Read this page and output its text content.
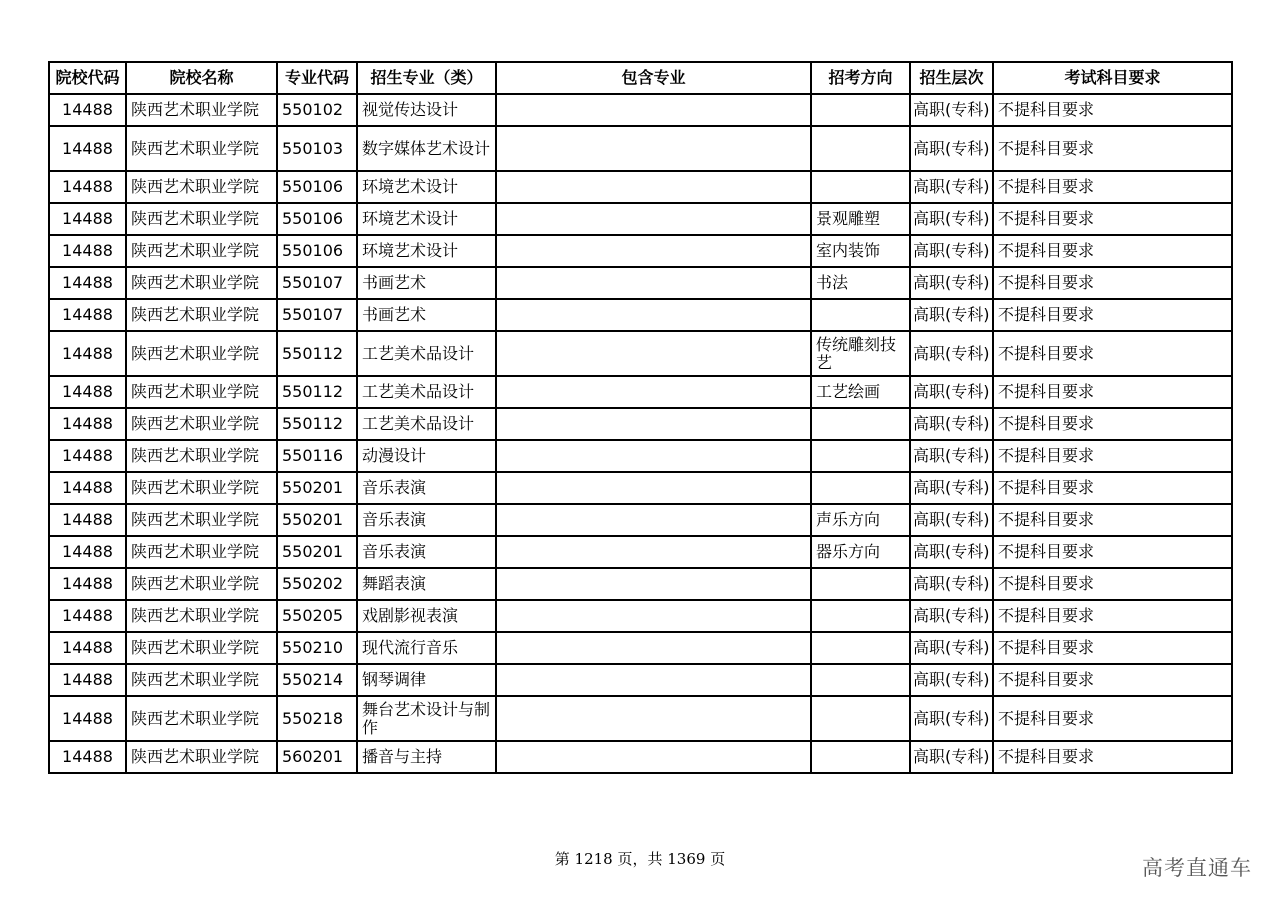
院校代码	院校名称	专业代码	招生专业（类）	包含专业	招考方向	招生层次	考试科目要求
14488	陕西艺术职业学院	550102	视觉传达设计			高职(专科)	不提科目要求
14488	陕西艺术职业学院	550103	数字媒体艺术设计			高职(专科)	不提科目要求
14488	陕西艺术职业学院	550106	环境艺术设计			高职(专科)	不提科目要求
14488	陕西艺术职业学院	550106	环境艺术设计		景观雕塑	高职(专科)	不提科目要求
14488	陕西艺术职业学院	550106	环境艺术设计		室内装饰	高职(专科)	不提科目要求
14488	陕西艺术职业学院	550107	书画艺术		书法	高职(专科)	不提科目要求
14488	陕西艺术职业学院	550107	书画艺术			高职(专科)	不提科目要求
14488	陕西艺术职业学院	550112	工艺美术品设计		传统雕刻技艺	高职(专科)	不提科目要求
14488	陕西艺术职业学院	550112	工艺美术品设计		工艺绘画	高职(专科)	不提科目要求
14488	陕西艺术职业学院	550112	工艺美术品设计			高职(专科)	不提科目要求
14488	陕西艺术职业学院	550116	动漫设计			高职(专科)	不提科目要求
14488	陕西艺术职业学院	550201	音乐表演			高职(专科)	不提科目要求
14488	陕西艺术职业学院	550201	音乐表演		声乐方向	高职(专科)	不提科目要求
14488	陕西艺术职业学院	550201	音乐表演		器乐方向	高职(专科)	不提科目要求
14488	陕西艺术职业学院	550202	舞蹈表演			高职(专科)	不提科目要求
14488	陕西艺术职业学院	550205	戏剧影视表演			高职(专科)	不提科目要求
14488	陕西艺术职业学院	550210	现代流行音乐			高职(专科)	不提科目要求
14488	陕西艺术职业学院	550214	钢琴调律			高职(专科)	不提科目要求
14488	陕西艺术职业学院	550218	舞台艺术设计与制作			高职(专科)	不提科目要求
14488	陕西艺术职业学院	560201	播音与主持			高职(专科)	不提科目要求
第 1218 页，共 1369 页	高考直通车
